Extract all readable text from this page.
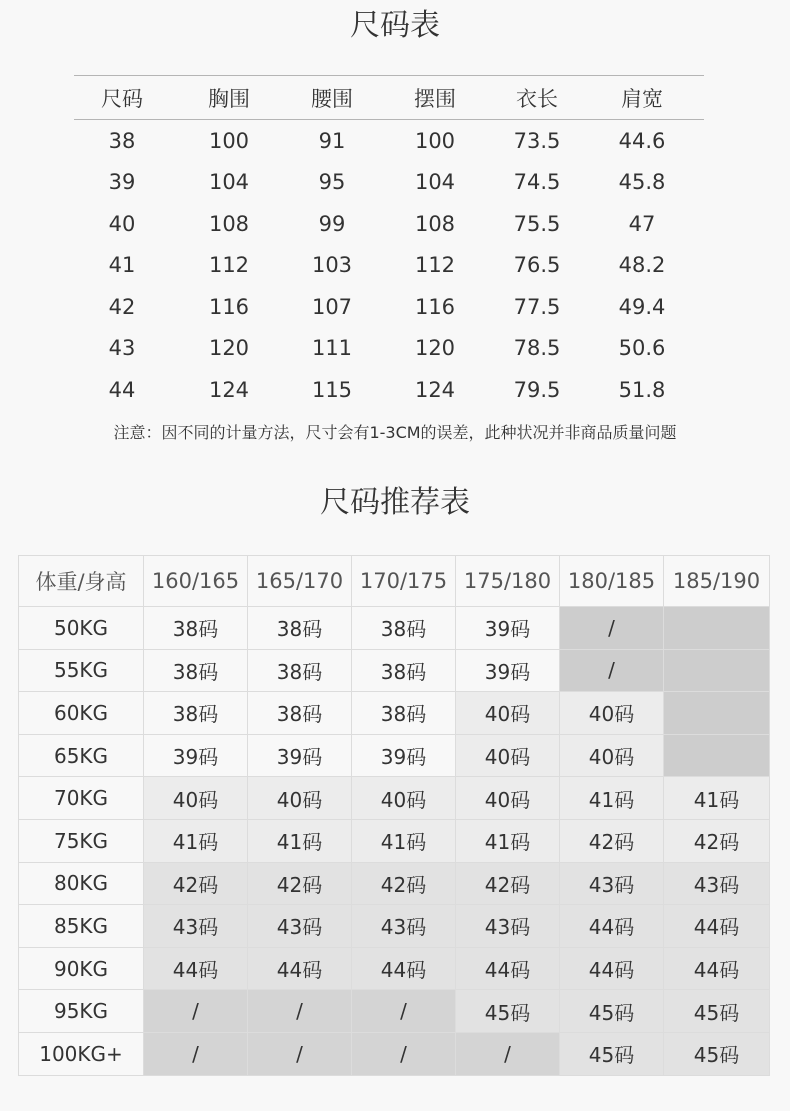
尺码表
尺码	胸围	腰围	摆围	衣长	肩宽
38	100	91	100	73.5	44.6
39	104	95	104	74.5	45.8
40	108	99	108	75.5	47
41	112	103	112	76.5	48.2
42	116	107	116	77.5	49.4
43	120	111	120	78.5	50.6
44	124	115	124	79.5	51.8
注意：因不同的计量方法，尺寸会有1-3CM的误差，此种状况并非商品质量问题
尺码推荐表
体重/身高	160/165	165/170	170/175	175/180	180/185	185/190
50KG	38码	38码	38码	39码	/	
55KG	38码	38码	38码	39码	/	
60KG	38码	38码	38码	40码	40码	
65KG	39码	39码	39码	40码	40码	
70KG	40码	40码	40码	40码	41码	41码
75KG	41码	41码	41码	41码	42码	42码
80KG	42码	42码	42码	42码	43码	43码
85KG	43码	43码	43码	43码	44码	44码
90KG	44码	44码	44码	44码	44码	44码
95KG	/	/	/	45码	45码	45码
100KG+	/	/	/	/	45码	45码
